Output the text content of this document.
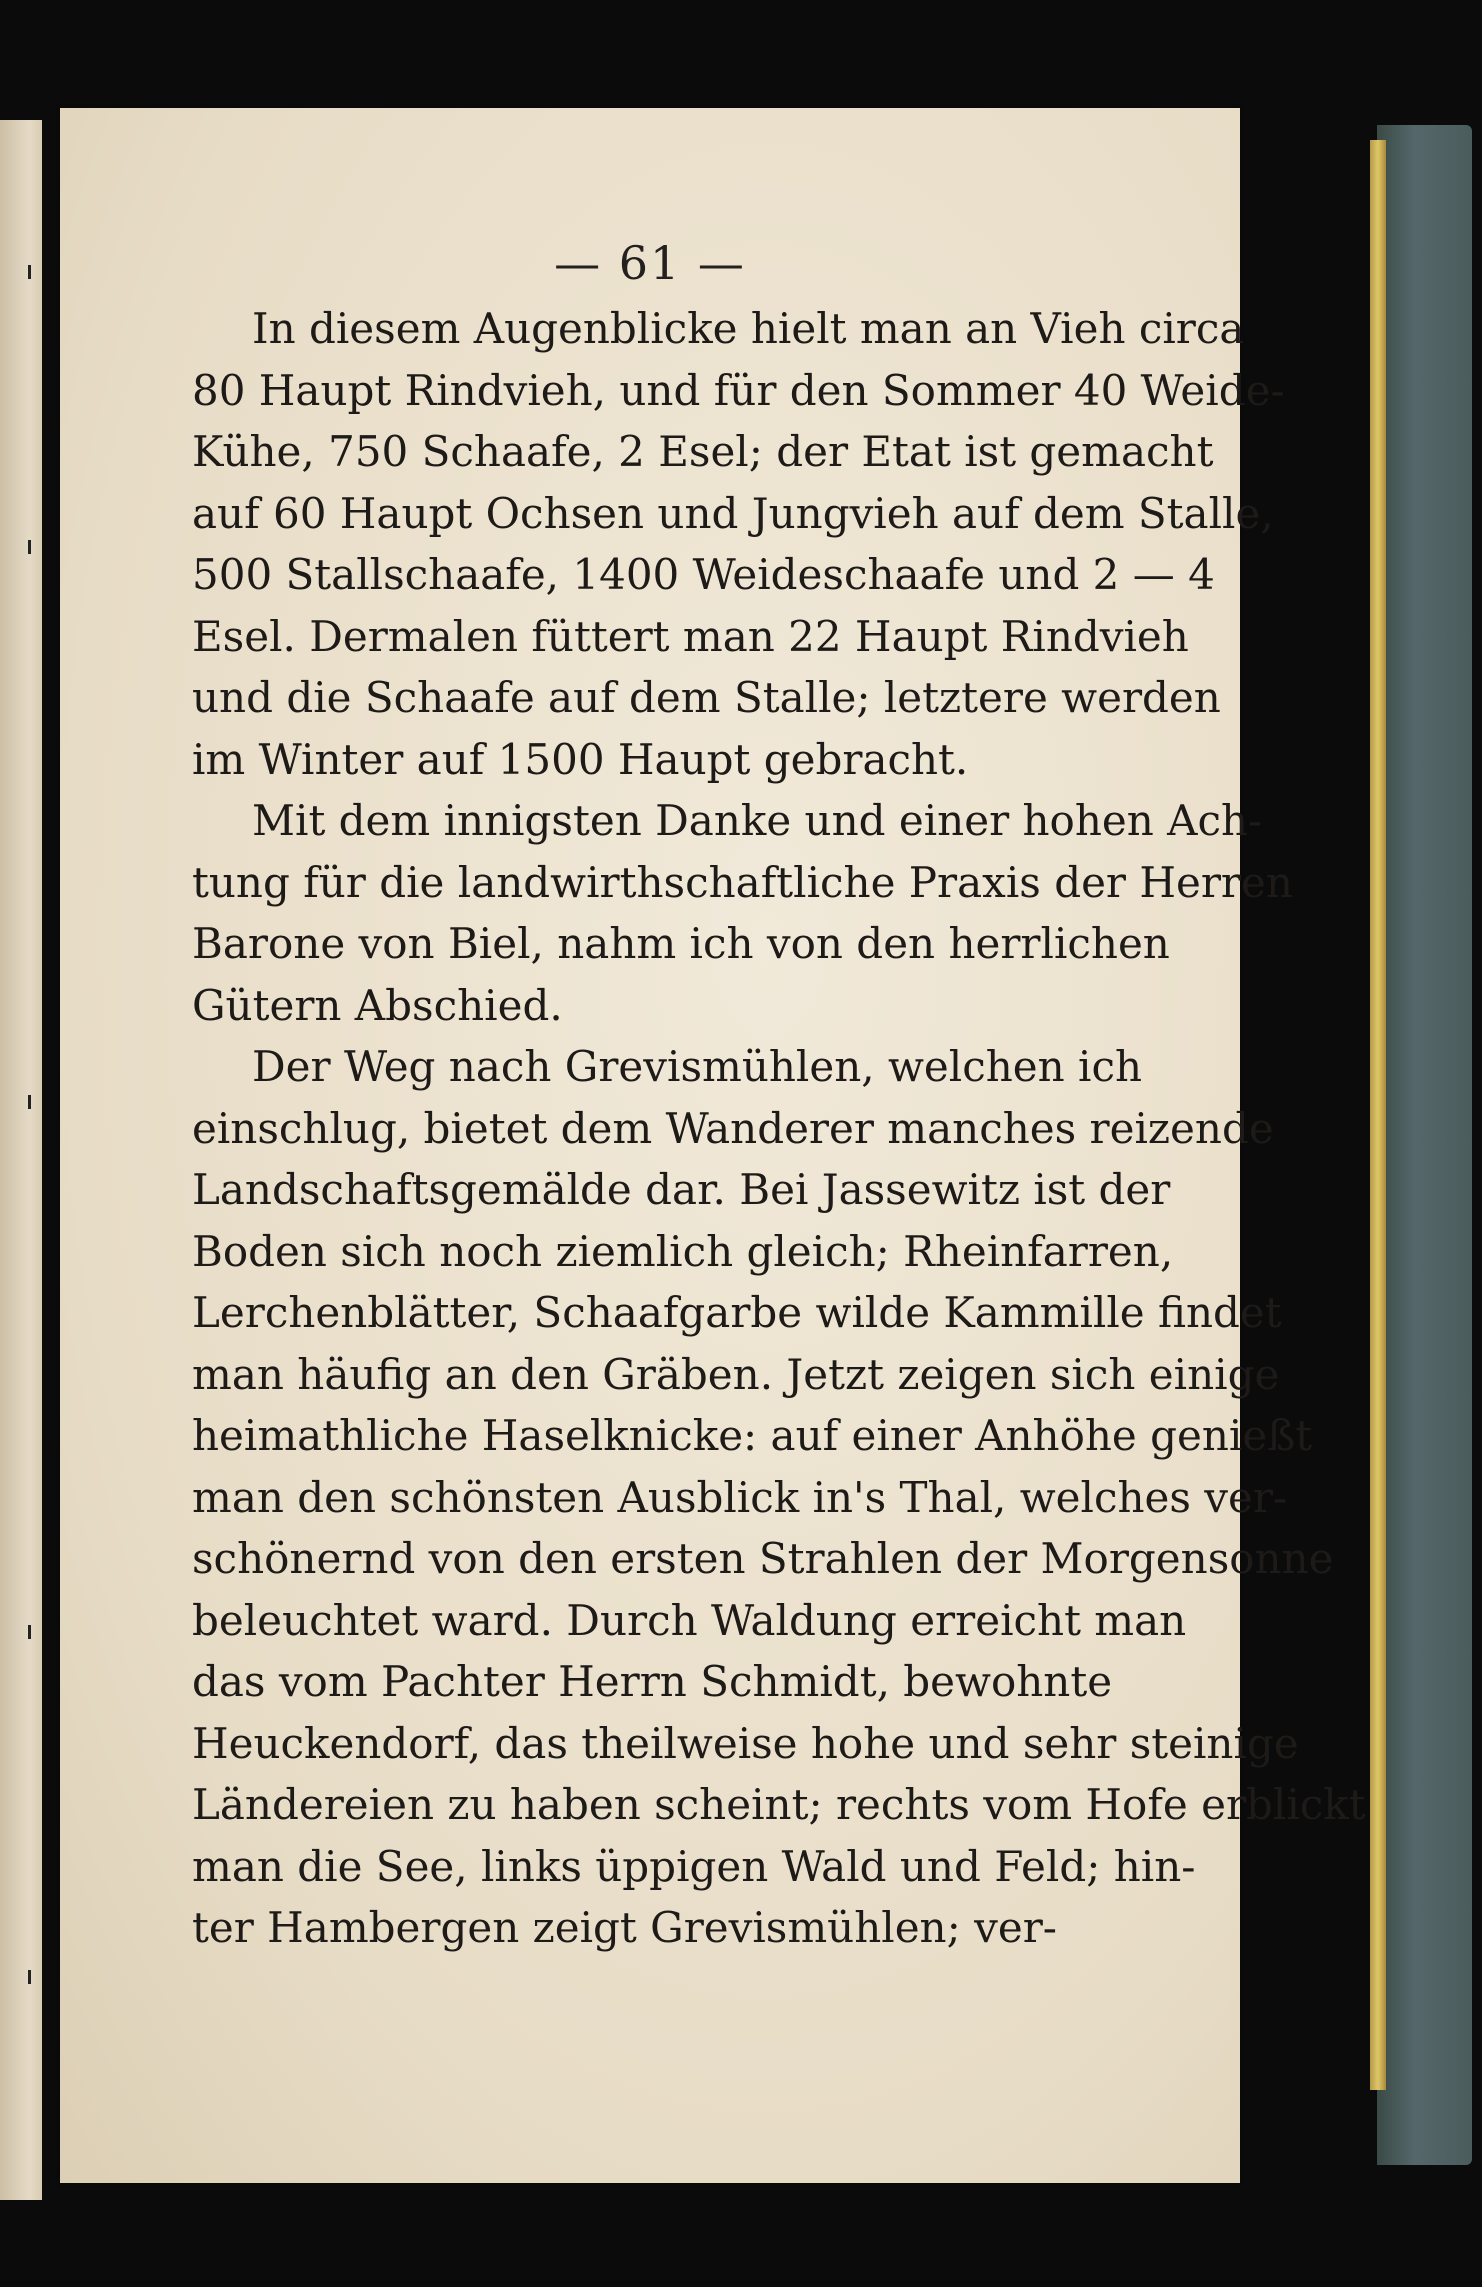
— 61 —
In diesem Augenblicke hielt man an Vieh circa
80 Haupt Rindvieh, und für den Sommer 40 Weide-
Kühe, 750 Schaafe, 2 Esel; der Etat ist gemacht
auf 60 Haupt Ochsen und Jungvieh auf dem Stalle,
500 Stallschaafe, 1400 Weideschaafe und 2 — 4
Esel. Dermalen füttert man 22 Haupt Rindvieh
und die Schaafe auf dem Stalle; letztere werden
im Winter auf 1500 Haupt gebracht.
Mit dem innigsten Danke und einer hohen Ach-
tung für die landwirthschaftliche Praxis der Herren
Barone von Biel, nahm ich von den herrlichen
Gütern Abschied.
Der Weg nach Grevismühlen, welchen ich
einschlug, bietet dem Wanderer manches reizende
Landschaftsgemälde dar. Bei Jassewitz ist der
Boden sich noch ziemlich gleich; Rheinfarren,
Lerchenblätter, Schaafgarbe wilde Kammille findet
man häufig an den Gräben. Jetzt zeigen sich einige
heimathliche Haselknicke: auf einer Anhöhe genießt
man den schönsten Ausblick in's Thal, welches ver-
schönernd von den ersten Strahlen der Morgensonne
beleuchtet ward. Durch Waldung erreicht man
das vom Pachter Herrn Schmidt, bewohnte
Heuckendorf, das theilweise hohe und sehr steinige
Ländereien zu haben scheint; rechts vom Hofe erblickt
man die See, links üppigen Wald und Feld; hin-
ter Hambergen zeigt Grevismühlen; ver-
